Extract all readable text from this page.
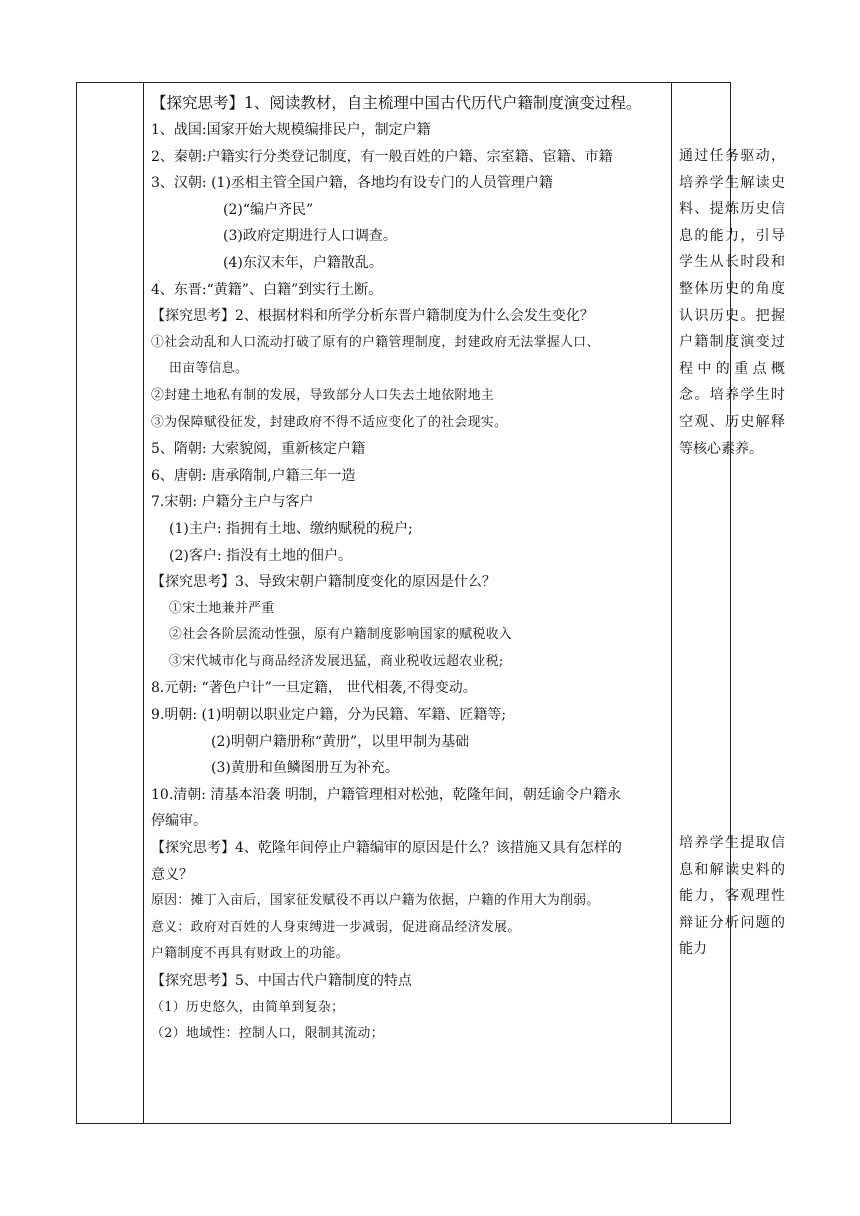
【探究思考】1、阅读教材，自主梳理中国古代历代户籍制度演变过程。
1、战国:国家开始大规模编排民户，制定户籍
2、秦朝:户籍实行分类登记制度，有一般百姓的户籍、宗室籍、宦籍、市籍
3、汉朝: (1)丞相主管全国户籍，各地均有设专门的人员管理户籍
(2)“编户齐民”
(3)政府定期进行人口调查。
(4)东汉末年，户籍散乱。
4、东晋:“黄籍”、白籍”到实行土断。
【探究思考】2、根据材料和所学分析东晋户籍制度为什么会发生变化？
①社会动乱和人口流动打破了原有的户籍管理制度，封建政府无法掌握人口、
田亩等信息。
②封建土地私有制的发展，导致部分人口失去土地依附地主
③为保障赋役征发，封建政府不得不适应变化了的社会现实。
5、隋朝: 大索貌阅，重新核定户籍
6、唐朝: 唐承隋制,户籍三年一造
7.宋朝: 户籍分主户与客户
(1)主户: 指拥有土地、缴纳赋税的税户;
(2)客户: 指没有土地的佃户。
【探究思考】3、导致宋朝户籍制度变化的原因是什么？
①宋土地兼并严重
②社会各阶层流动性强，原有户籍制度影响国家的赋税收入
③宋代城市化与商品经济发展迅猛，商业税收远超农业税;
8.元朝: “著色户计”一旦定籍， 世代相袭,不得变动。
9.明朝: (1)明朝以职业定户籍，分为民籍、军籍、匠籍等;
(2)明朝户籍册称“黄册”，以里甲制为基础
(3)黄册和鱼鳞图册互为补充。
10.清朝: 清基本沿袭 明制，户籍管理相对松弛，乾隆年间，朝廷谕令户籍永
停编审。
【探究思考】4、乾隆年间停止户籍编审的原因是什么？该措施又具有怎样的
意义？
原因：摊丁入亩后，国家征发赋役不再以户籍为依据，户籍的作用大为削弱。
意义：政府对百姓的人身束缚进一步减弱，促进商品经济发展。
户籍制度不再具有财政上的功能。
【探究思考】5、中国古代户籍制度的特点
（1）历史悠久，由简单到复杂；
（2）地域性：控制人口，限制其流动；

通过任务驱动，培养学生解读史料、提炼历史信息的能力，引导学生从长时段和整体历史的角度认识历史。把握户籍制度演变过程中的重点概念。培养学生时空观、历史解释等核心素养。
培养学生提取信息和解读史料的能力，客观理性辩证分析问题的能力
